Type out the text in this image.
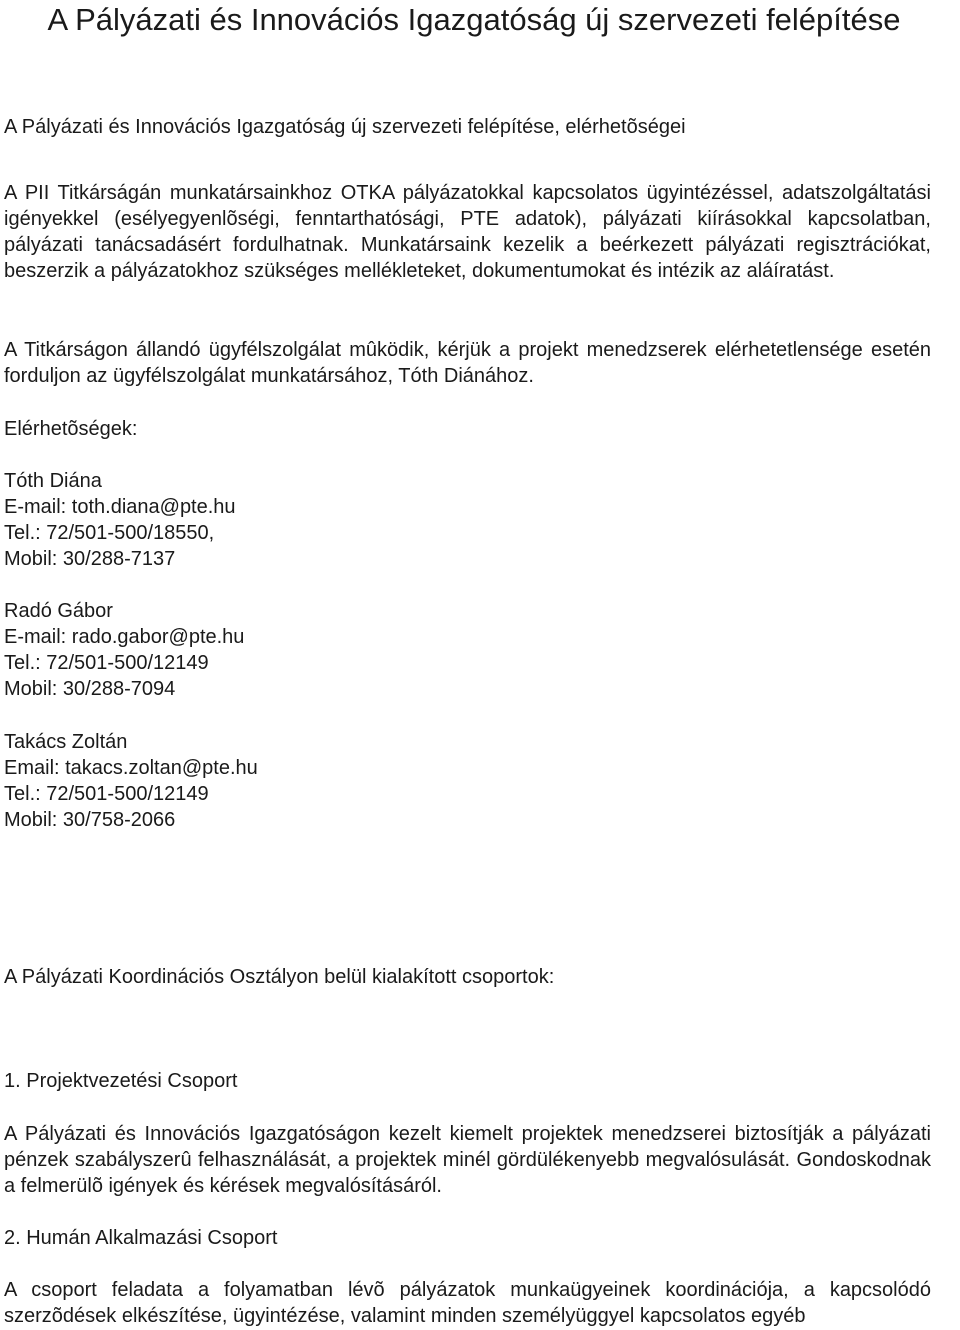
A Pályázati és Innovációs Igazgatóság új szervezeti felépítése

A Pályázati és Innovációs Igazgatóság új szervezeti felépítése, elérhetõségei

A PII Titkárságán munkatársainkhoz OTKA pályázatokkal kapcsolatos ügyintézéssel, adatszolgáltatási igényekkel (esélyegyenlõségi, fenntarthatósági, PTE adatok), pályázati kiírásokkal kapcsolatban, pályázati tanácsadásért fordulhatnak. Munkatársaink kezelik a beérkezett pályázati regisztrációkat, beszerzik a pályázatokhoz szükséges mellékleteket, dokumentumokat és intézik az aláíratást.

A Titkárságon állandó ügyfélszolgálat mûködik, kérjük a projekt menedzserek elérhetetlensége esetén forduljon az ügyfélszolgálat munkatársához, Tóth Diánához.

Elérhetõségek:

Tóth Diána
E-mail: toth.diana@pte.hu
Tel.: 72/501-500/18550,
Mobil: 30/288-7137
Radó Gábor
E-mail: rado.gabor@pte.hu
Tel.: 72/501-500/12149
Mobil: 30/288-7094
Takács Zoltán
Email: takacs.zoltan@pte.hu
Tel.: 72/501-500/12149
Mobil: 30/758-2066

A Pályázati Koordinációs Osztályon belül kialakított csoportok:

1. Projektvezetési Csoport

A Pályázati és Innovációs Igazgatóságon kezelt kiemelt projektek menedzserei biztosítják a pályázati pénzek szabályszerû felhasználását, a projektek minél gördülékenyebb megvalósulását. Gondoskodnak a felmerülõ igények és kérések megvalósításáról.

2. Humán Alkalmazási Csoport

A csoport feladata a folyamatban lévõ pályázatok munkaügyeinek koordinációja, a kapcsolódó szerzõdések elkészítése, ügyintézése, valamint minden személyüggyel kapcsolatos egyéb
